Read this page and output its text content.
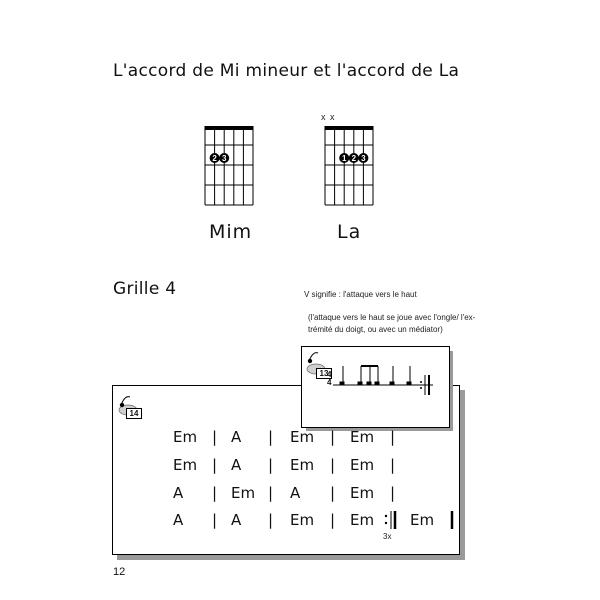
L'accord de Mi mineur et l'accord de La
2 3
Mim
x x
1 2 3
La
Grille 4	V signifie : l'attaque vers le haut
(l'attaque vers le haut se joue avec l'ongle/ l'ex-
trémité du doigt, ou avec un médiator)
14
13
4
4
Em | A | Em | Em |
Em | A | Em | Em |
A | Em | A | Em |
A | A | Em | Em Em
3x
12
